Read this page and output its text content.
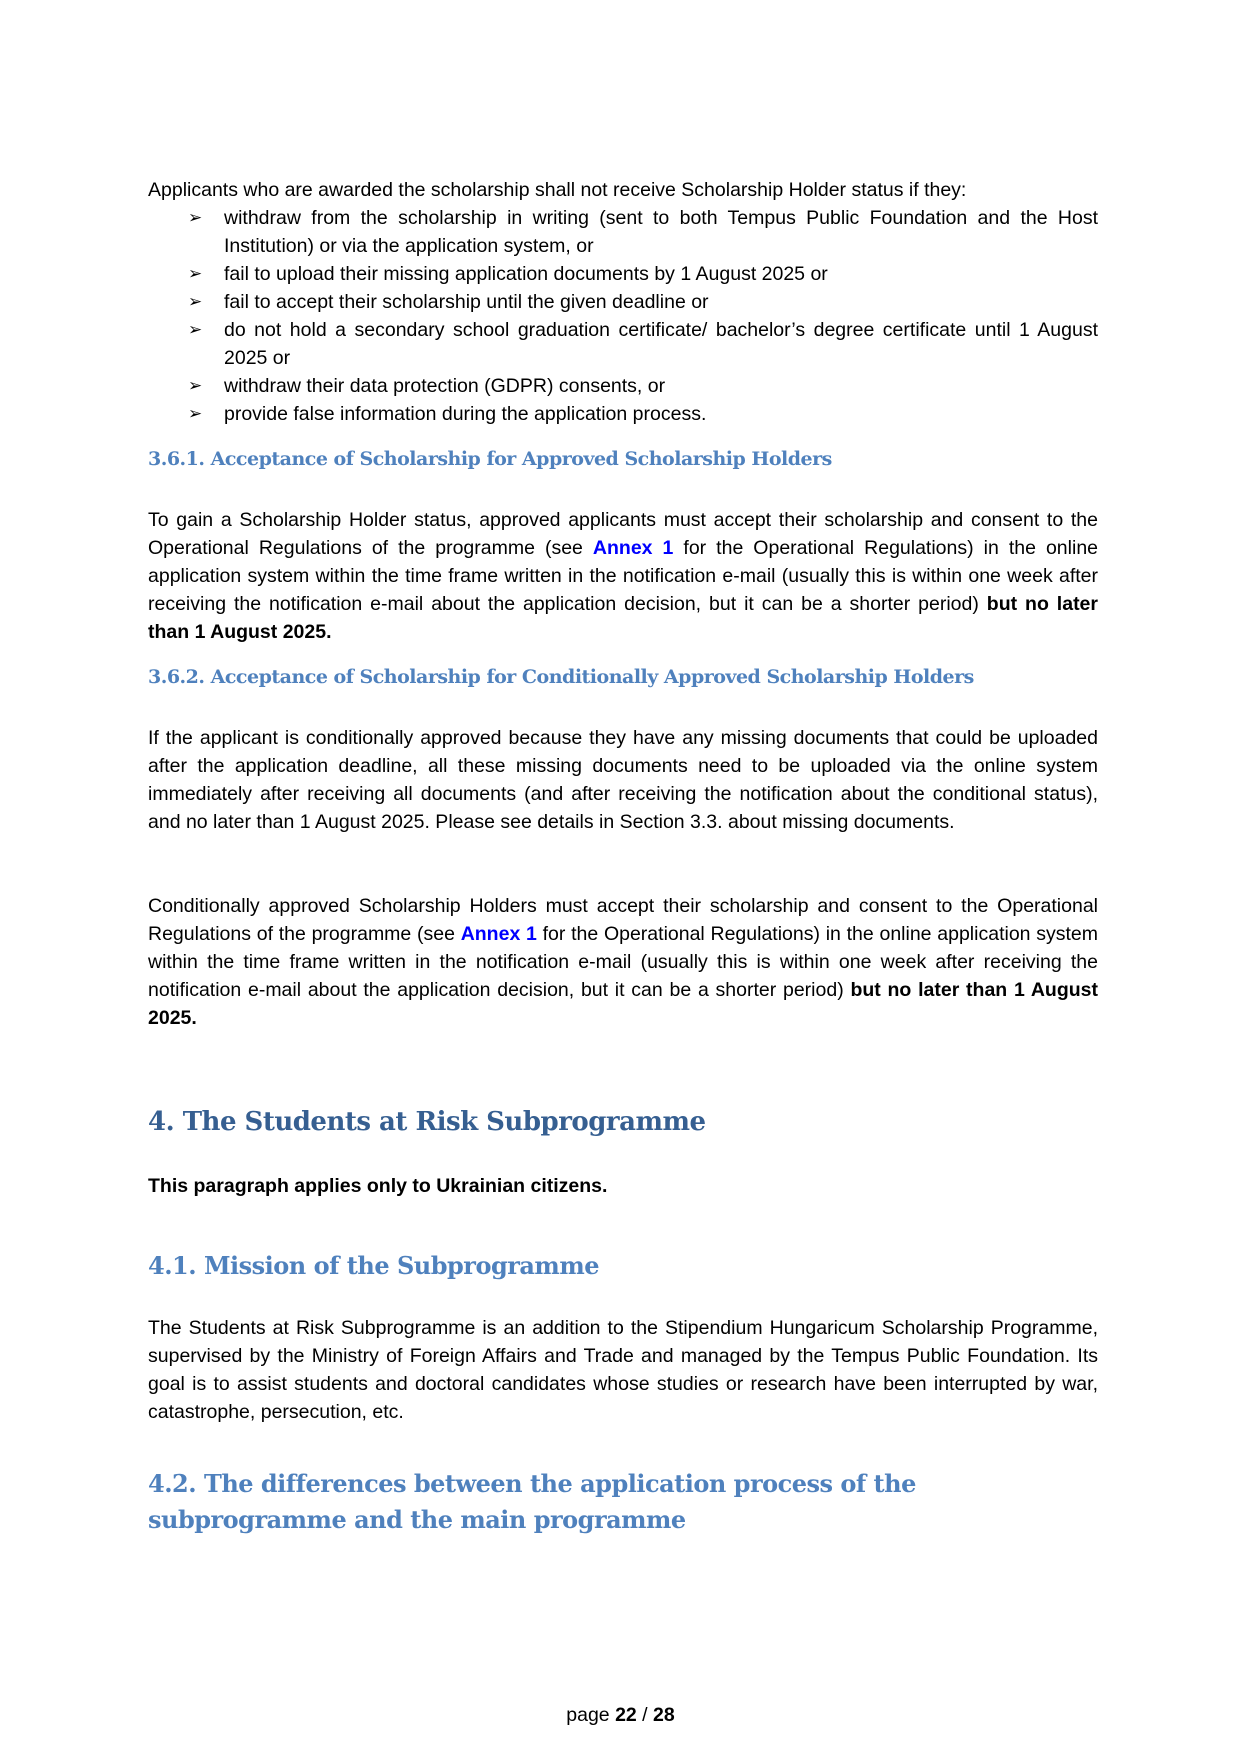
Applicants who are awarded the scholarship shall not receive Scholarship Holder status if they:

➢ withdraw from the scholarship in writing (sent to both Tempus Public Foundation and the Host Institution) or via the application system, or
➢ fail to upload their missing application documents by 1 August 2025 or
➢ fail to accept their scholarship until the given deadline or
➢ do not hold a secondary school graduation certificate/ bachelor’s degree certificate until 1 August 2025 or
➢ withdraw their data protection (GDPR) consents, or
➢ provide false information during the application process.
3.6.1. Acceptance of Scholarship for Approved Scholarship Holders

To gain a Scholarship Holder status, approved applicants must accept their scholarship and consent to the Operational Regulations of the programme (see Annex 1 for the Operational Regulations) in the online application system within the time frame written in the notification e-mail (usually this is within one week after receiving the notification e-mail about the application decision, but it can be a shorter period) but no later than 1 August 2025.

3.6.2. Acceptance of Scholarship for Conditionally Approved Scholarship Holders

If the applicant is conditionally approved because they have any missing documents that could be uploaded after the application deadline, all these missing documents need to be uploaded via the online system immediately after receiving all documents (and after receiving the notification about the conditional status), and no later than 1 August 2025. Please see details in Section 3.3. about missing documents.

Conditionally approved Scholarship Holders must accept their scholarship and consent to the Operational Regulations of the programme (see Annex 1 for the Operational Regulations) in the online application system within the time frame written in the notification e-mail (usually this is within one week after receiving the notification e-mail about the application decision, but it can be a shorter period) but no later than 1 August 2025.

4. The Students at Risk Subprogramme

This paragraph applies only to Ukrainian citizens.

4.1. Mission of the Subprogramme

The Students at Risk Subprogramme is an addition to the Stipendium Hungaricum Scholarship Programme, supervised by the Ministry of Foreign Affairs and Trade and managed by the Tempus Public Foundation. Its goal is to assist students and doctoral candidates whose studies or research have been interrupted by war, catastrophe, persecution, etc.

4.2. The differences between the application process of the subprogramme and the main programme
page 22 / 28
